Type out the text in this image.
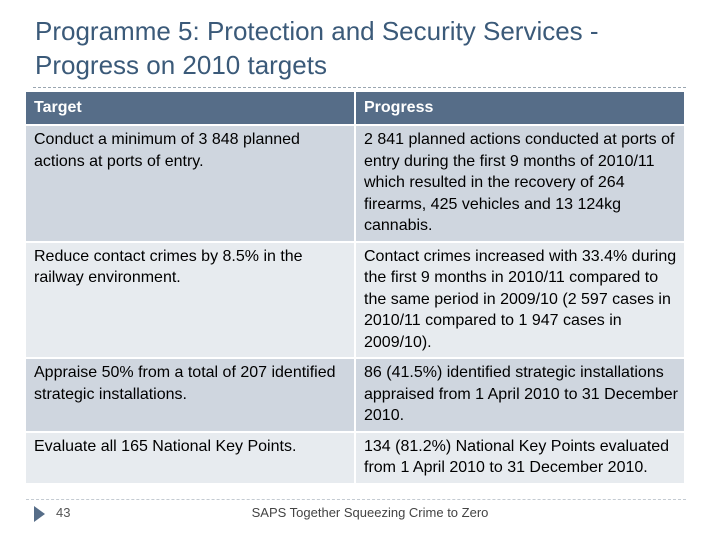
Programme 5: Protection and Security Services - Progress on 2010 targets
Target	Progress
Conduct a minimum of 3 848 planned actions at ports of entry.	2 841 planned actions conducted at ports of entry during the first 9 months of 2010/11 which resulted in the recovery of 264 firearms, 425 vehicles and 13 124kg cannabis.
Reduce contact crimes by 8.5% in the railway environment.	Contact crimes increased with 33.4% during the first 9 months in 2010/11 compared to the same period in 2009/10 (2 597 cases in 2010/11 compared to 1 947 cases in 2009/10).
Appraise 50% from a total of 207 identified strategic installations.	86 (41.5%) identified strategic installations appraised from 1 April 2010 to 31 December 2010.
Evaluate all 165 National Key Points.	134 (81.2%) National Key Points evaluated from 1 April 2010 to 31 December 2010.
43	SAPS Together Squeezing Crime to Zero
